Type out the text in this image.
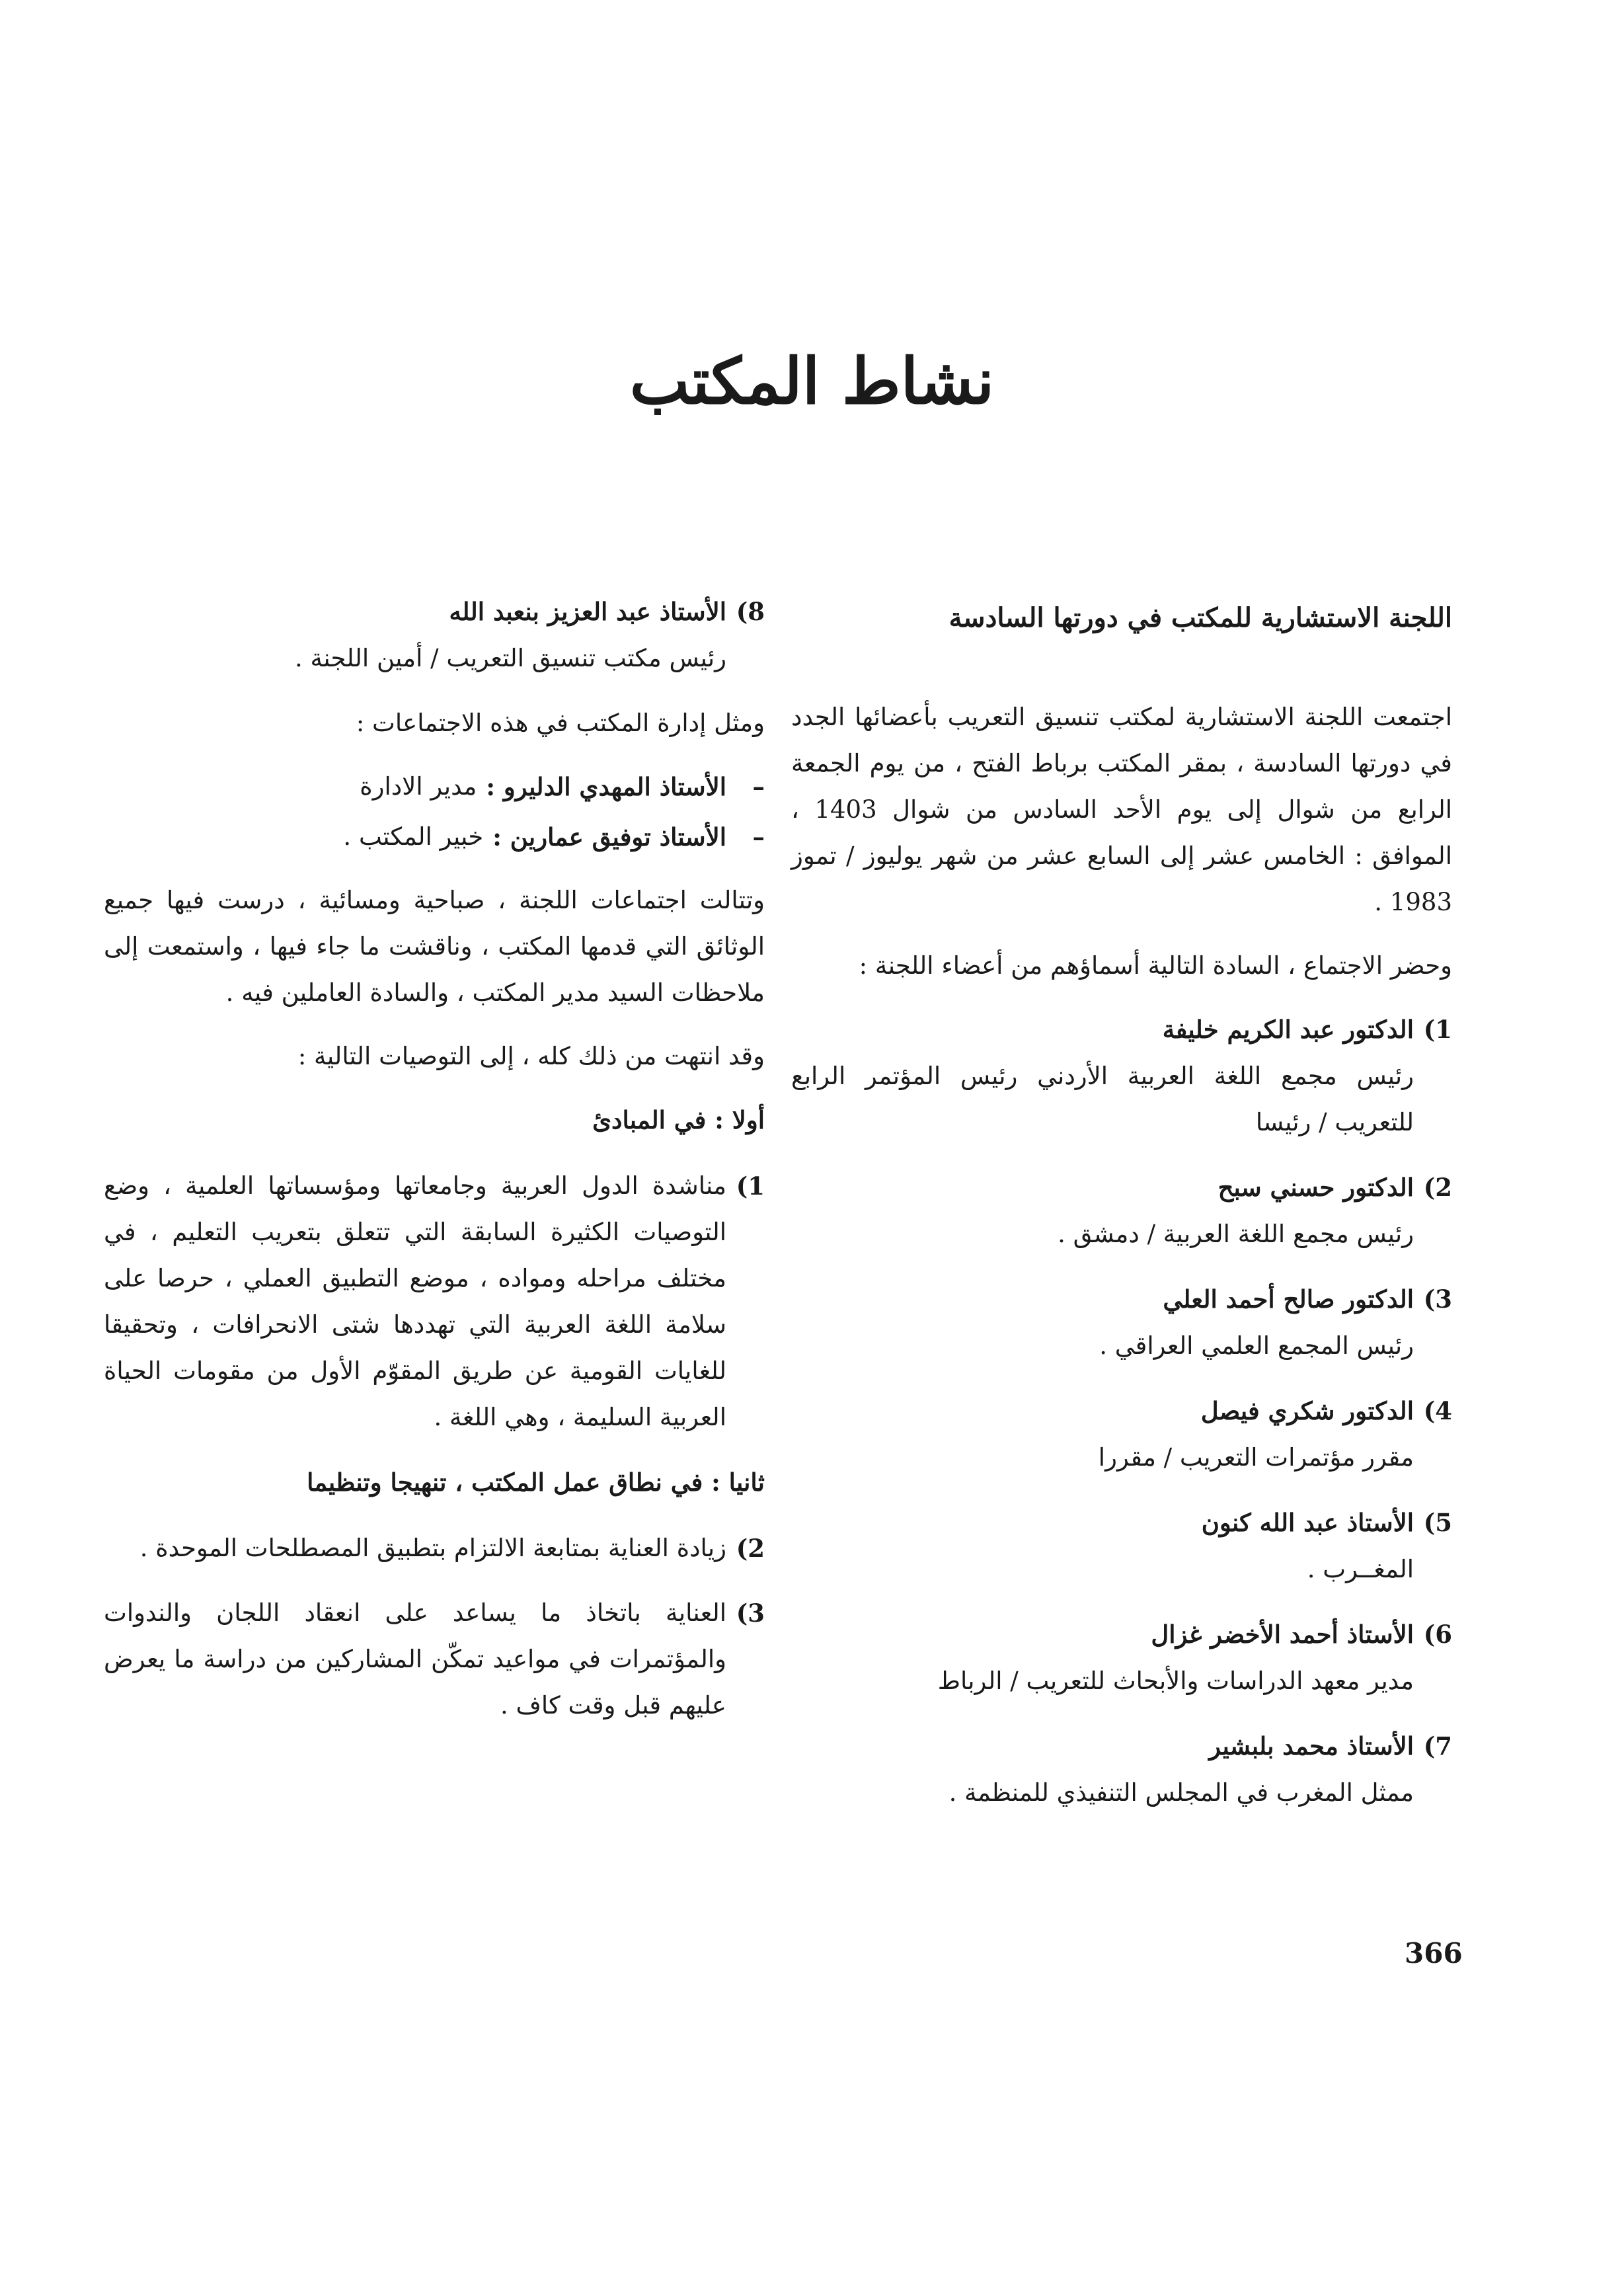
نشاط المكتب
اللجنة الاستشارية للمكتب في دورتها السادسة

اجتمعت اللجنة الاستشارية لمكتب تنسيق التعريب بأعضائها الجدد في دورتها السادسة ، بمقر المكتب برباط الفتح ، من يوم الجمعة الرابع من شوال إلى يوم الأحد السادس من شوال 1403 ، الموافق : الخامس عشر إلى السابع عشر من شهر يوليوز / تموز 1983 .

وحضر الاجتماع ، السادة التالية أسماؤهم من أعضاء اللجنة :

1)
الدكتور عبد الكريم خليفة
رئيس مجمع اللغة العربية الأردني رئيس المؤتمر الرابع للتعريب / رئيسا
2)
الدكتور حسني سبح
رئيس مجمع اللغة العربية / دمشق .
3)
الدكتور صالح أحمد العلي
رئيس المجمع العلمي العراقي .
4)
الدكتور شكري فيصل
مقرر مؤتمرات التعريب / مقررا
5)
الأستاذ عبد الله كنون
المغــرب .
6)
الأستاذ أحمد الأخضر غزال
مدير معهد الدراسات والأبحاث للتعريب / الرباط
7)
الأستاذ محمد بلبشير
ممثل المغرب في المجلس التنفيذي للمنظمة .
8)
الأستاذ عبد العزيز بنعبد الله
رئيس مكتب تنسيق التعريب / أمين اللجنة .

ومثل إدارة المكتب في هذه الاجتماعات :

–
الأستاذ المهدي الدليرو :
مدير الادارة
–
الأستاذ توفيق عمارين :
خبير المكتب .

وتتالت اجتماعات اللجنة ، صباحية ومسائية ، درست فيها جميع الوثائق التي قدمها المكتب ، وناقشت ما جاء فيها ، واستمعت إلى ملاحظات السيد مدير المكتب ، والسادة العاملين فيه .

وقد انتهت من ذلك كله ، إلى التوصيات التالية :

أولا : في المبادئ
1)
مناشدة الدول العربية وجامعاتها ومؤسساتها العلمية ، وضع التوصيات الكثيرة السابقة التي تتعلق بتعريب التعليم ، في مختلف مراحله ومواده ، موضع التطبيق العملي ، حرصا على سلامة اللغة العربية التي تهددها شتى الانحرافات ، وتحقيقا للغايات القومية عن طريق المقوّم الأول من مقومات الحياة العربية السليمة ، وهي اللغة .
ثانيا : في نطاق عمل المكتب ، تنهيجا وتنظيما
2)
زيادة العناية بمتابعة الالتزام بتطبيق المصطلحات الموحدة .
3)
العناية باتخاذ ما يساعد على انعقاد اللجان والندوات والمؤتمرات في مواعيد تمكّن المشاركين من دراسة ما يعرض عليهم قبل وقت كاف .
366
